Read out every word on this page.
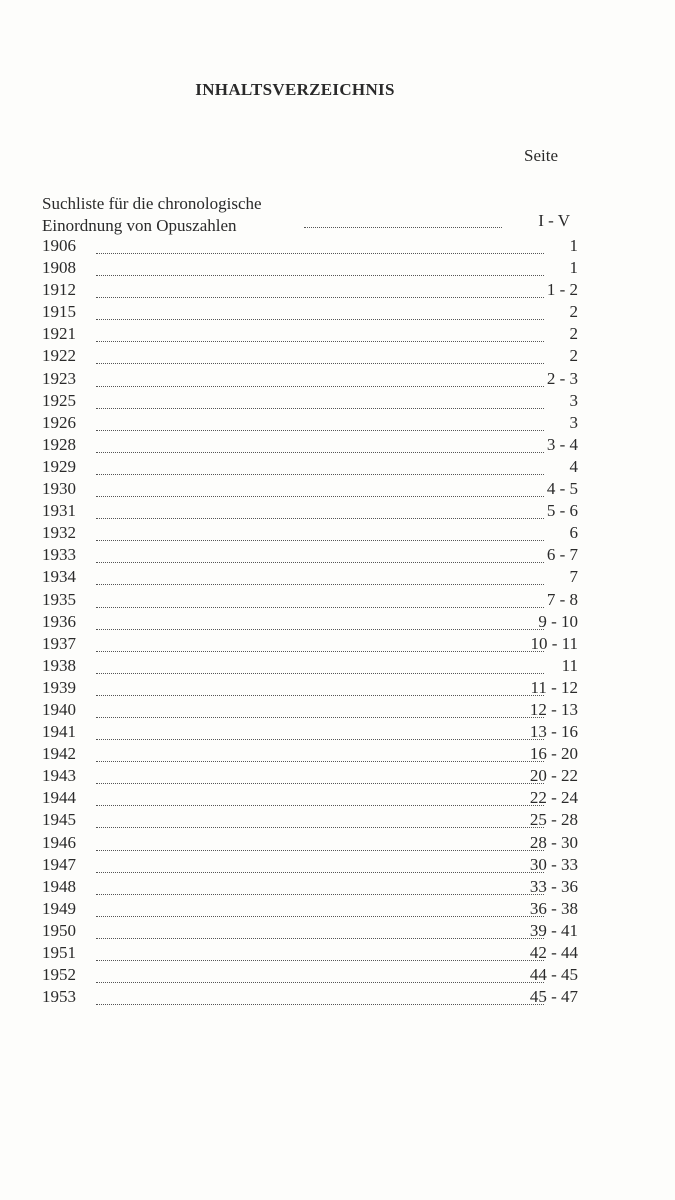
INHALTSVERZEICHNIS
Seite
Suchliste für die chronologische
Einordnung von Opuszahlen	I - V
1906	1
1908	1
1912	1 - 2
1915	2
1921	2
1922	2
1923	2 - 3
1925	3
1926	3
1928	3 - 4
1929	4
1930	4 - 5
1931	5 - 6
1932	6
1933	6 - 7
1934	7
1935	7 - 8
1936	9 - 10
1937	10 - 11
1938	11
1939	11 - 12
1940	12 - 13
1941	13 - 16
1942	16 - 20
1943	20 - 22
1944	22 - 24
1945	25 - 28
1946	28 - 30
1947	30 - 33
1948	33 - 36
1949	36 - 38
1950	39 - 41
1951	42 - 44
1952	44 - 45
1953	45 - 47
